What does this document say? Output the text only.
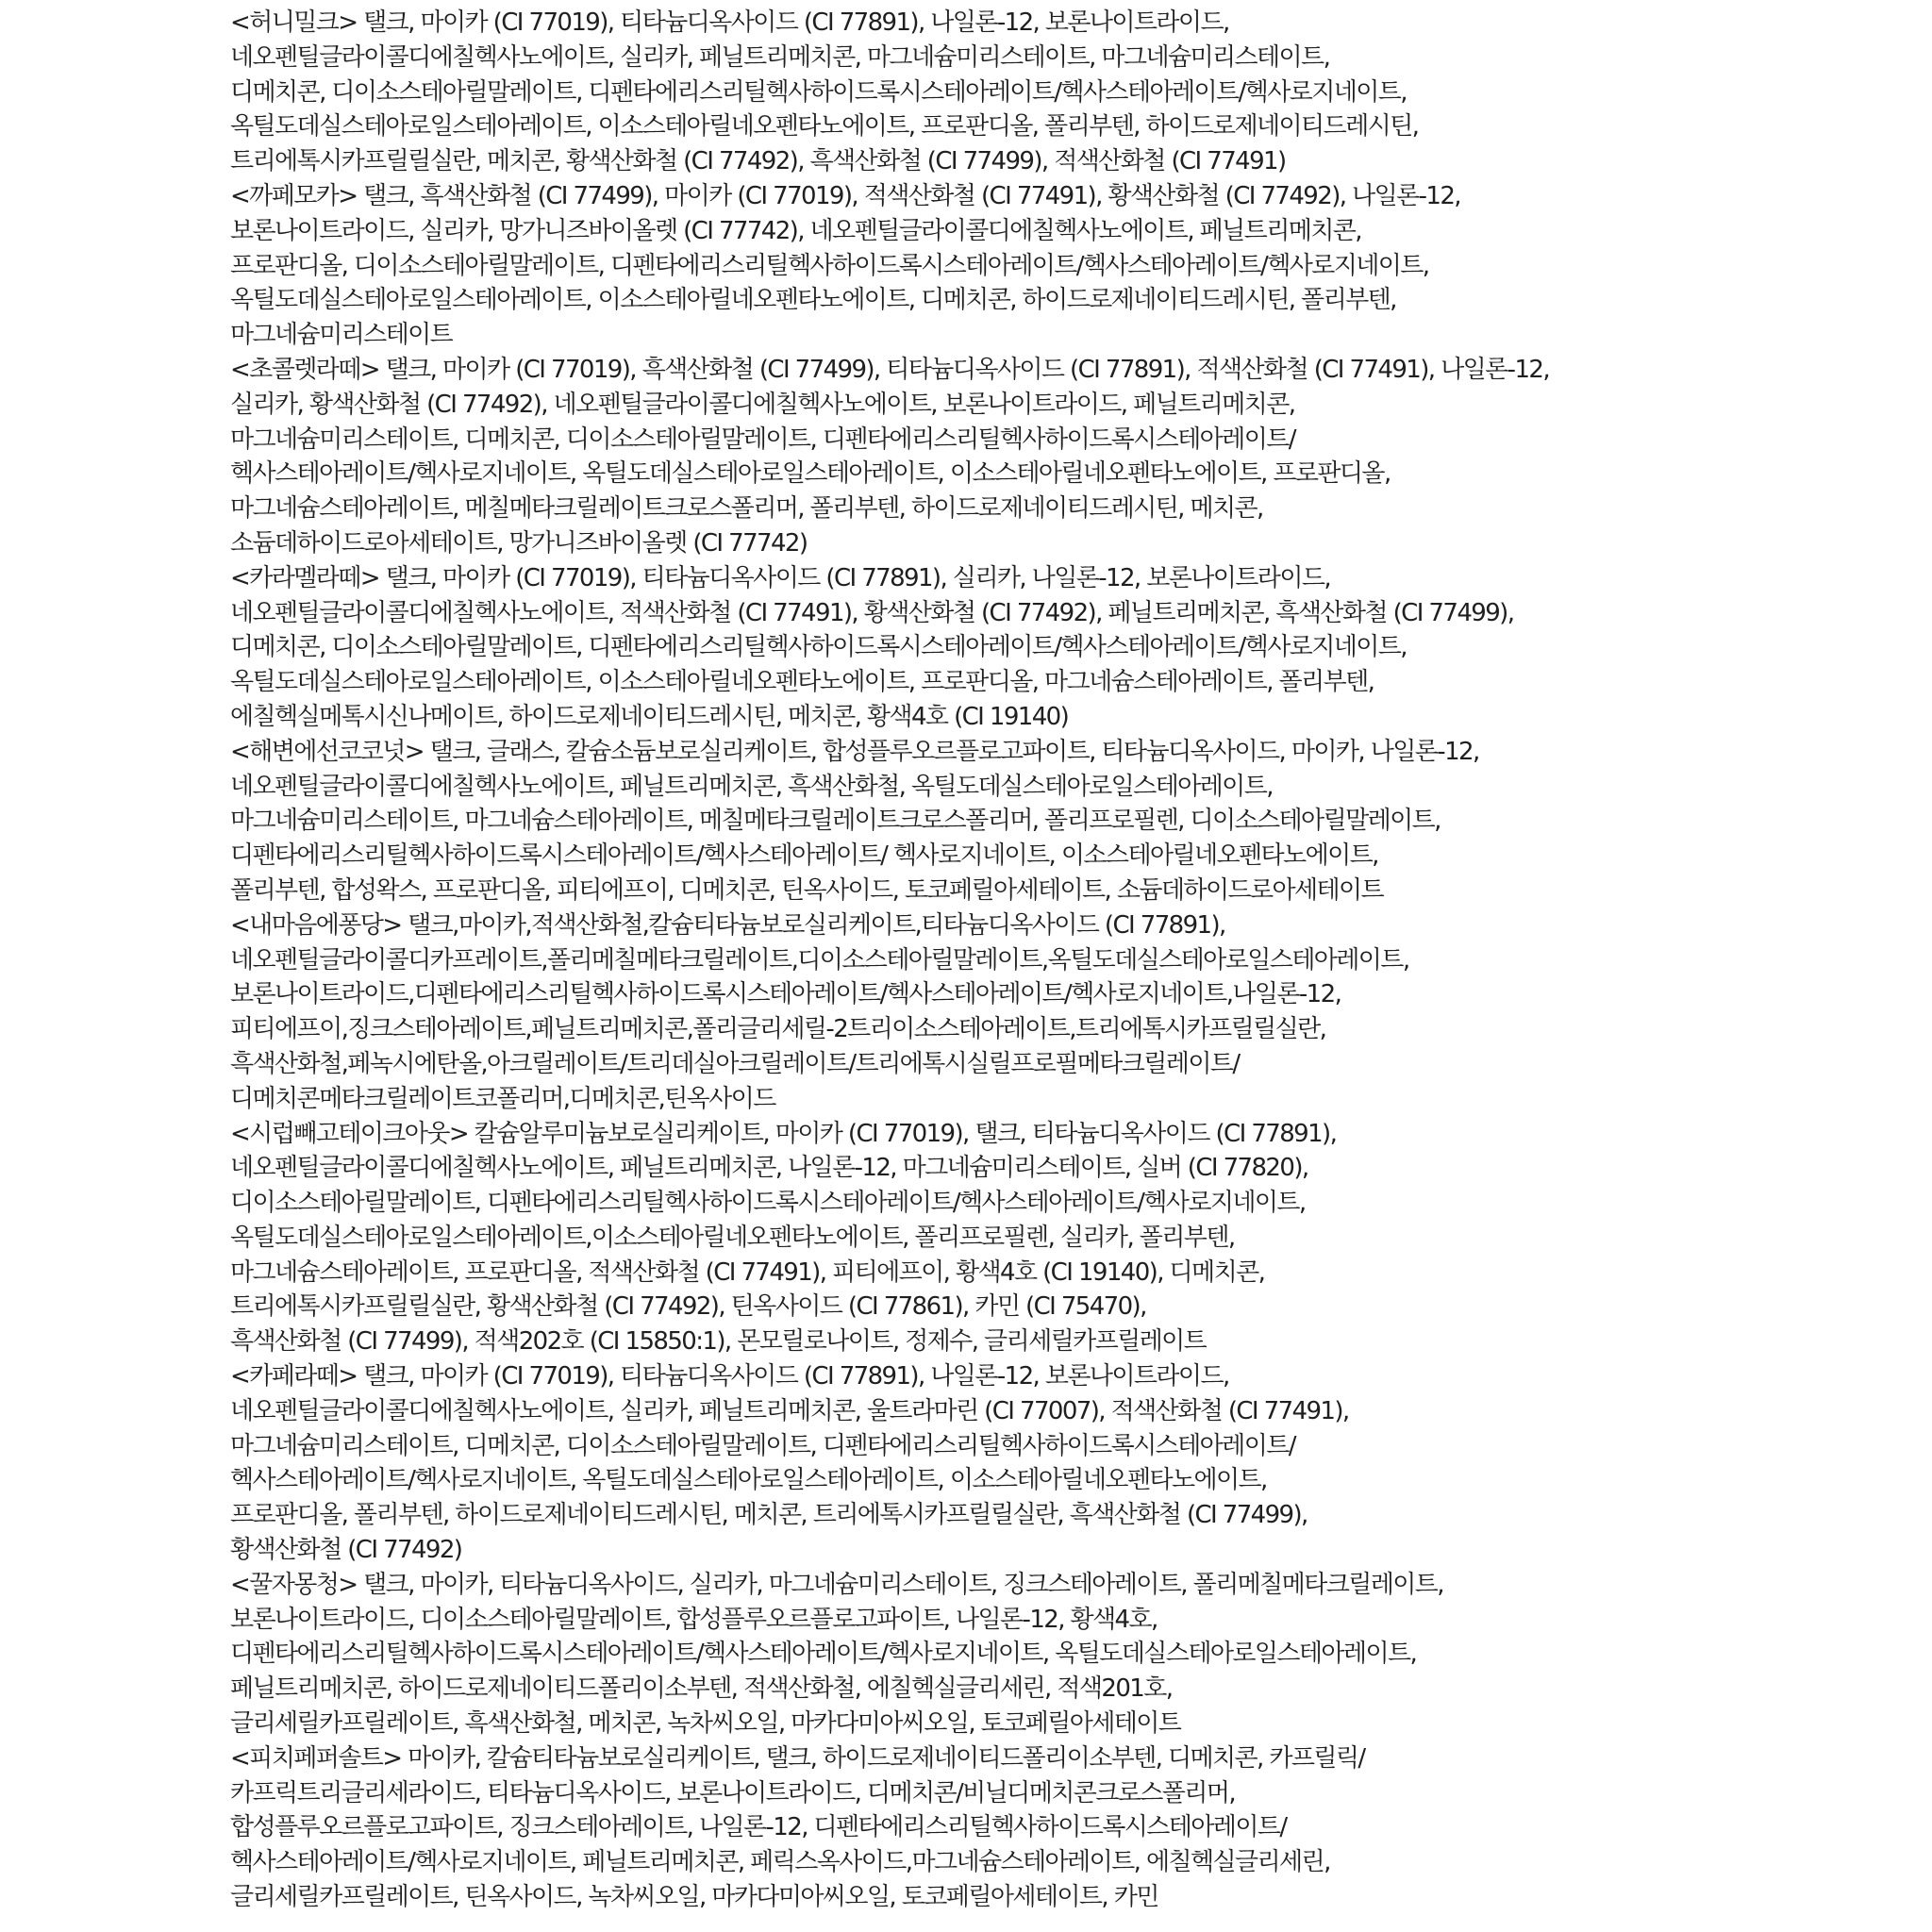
<허니밀크> 탤크, 마이카 (CI 77019), 티타늄디옥사이드 (CI 77891), 나일론-12, 보론나이트라이드,
네오펜틸글라이콜디에칠헥사노에이트, 실리카, 페닐트리메치콘, 마그네슘미리스테이트, 마그네슘미리스테이트,
디메치콘, 디이소스테아릴말레이트, 디펜타에리스리틸헥사하이드록시스테아레이트/헥사스테아레이트/헥사로지네이트,
옥틸도데실스테아로일스테아레이트, 이소스테아릴네오펜타노에이트, 프로판디올, 폴리부텐, 하이드로제네이티드레시틴,
트리에톡시카프릴릴실란, 메치콘, 황색산화철 (CI 77492), 흑색산화철 (CI 77499), 적색산화철 (CI 77491)
<까페모카> 탤크, 흑색산화철 (CI 77499), 마이카 (CI 77019), 적색산화철 (CI 77491), 황색산화철 (CI 77492), 나일론-12,
보론나이트라이드, 실리카, 망가니즈바이올렛 (CI 77742), 네오펜틸글라이콜디에칠헥사노에이트, 페닐트리메치콘,
프로판디올, 디이소스테아릴말레이트, 디펜타에리스리틸헥사하이드록시스테아레이트/헥사스테아레이트/헥사로지네이트,
옥틸도데실스테아로일스테아레이트, 이소스테아릴네오펜타노에이트, 디메치콘, 하이드로제네이티드레시틴, 폴리부텐,
마그네슘미리스테이트
<초콜렛라떼> 탤크, 마이카 (CI 77019), 흑색산화철 (CI 77499), 티타늄디옥사이드 (CI 77891), 적색산화철 (CI 77491), 나일론-12,
실리카, 황색산화철 (CI 77492), 네오펜틸글라이콜디에칠헥사노에이트, 보론나이트라이드, 페닐트리메치콘,
마그네슘미리스테이트, 디메치콘, 디이소스테아릴말레이트, 디펜타에리스리틸헥사하이드록시스테아레이트/
헥사스테아레이트/헥사로지네이트, 옥틸도데실스테아로일스테아레이트, 이소스테아릴네오펜타노에이트, 프로판디올,
마그네슘스테아레이트, 메칠메타크릴레이트크로스폴리머, 폴리부텐, 하이드로제네이티드레시틴, 메치콘,
소듐데하이드로아세테이트, 망가니즈바이올렛 (CI 77742)
<카라멜라떼> 탤크, 마이카 (CI 77019), 티타늄디옥사이드 (CI 77891), 실리카, 나일론-12, 보론나이트라이드,
네오펜틸글라이콜디에칠헥사노에이트, 적색산화철 (CI 77491), 황색산화철 (CI 77492), 페닐트리메치콘, 흑색산화철 (CI 77499),
디메치콘, 디이소스테아릴말레이트, 디펜타에리스리틸헥사하이드록시스테아레이트/헥사스테아레이트/헥사로지네이트,
옥틸도데실스테아로일스테아레이트, 이소스테아릴네오펜타노에이트, 프로판디올, 마그네슘스테아레이트, 폴리부텐,
에칠헥실메톡시신나메이트, 하이드로제네이티드레시틴, 메치콘, 황색4호 (CI 19140)
<해변에선코코넛> 탤크, 글래스, 칼슘소듐보로실리케이트, 합성플루오르플로고파이트, 티타늄디옥사이드, 마이카, 나일론-12,
네오펜틸글라이콜디에칠헥사노에이트, 페닐트리메치콘, 흑색산화철, 옥틸도데실스테아로일스테아레이트,
마그네슘미리스테이트, 마그네슘스테아레이트, 메칠메타크릴레이트크로스폴리머, 폴리프로필렌, 디이소스테아릴말레이트,
디펜타에리스리틸헥사하이드록시스테아레이트/헥사스테아레이트/ 헥사로지네이트, 이소스테아릴네오펜타노에이트,
폴리부텐, 합성왁스, 프로판디올, 피티에프이, 디메치콘, 틴옥사이드, 토코페릴아세테이트, 소듐데하이드로아세테이트
<내마음에퐁당> 탤크,마이카,적색산화철,칼슘티타늄보로실리케이트,티타늄디옥사이드 (CI 77891),
네오펜틸글라이콜디카프레이트,폴리메칠메타크릴레이트,디이소스테아릴말레이트,옥틸도데실스테아로일스테아레이트,
보론나이트라이드,디펜타에리스리틸헥사하이드록시스테아레이트/헥사스테아레이트/헥사로지네이트,나일론-12,
피티에프이,징크스테아레이트,페닐트리메치콘,폴리글리세릴-2트리이소스테아레이트,트리에톡시카프릴릴실란,
흑색산화철,페녹시에탄올,아크릴레이트/트리데실아크릴레이트/트리에톡시실릴프로필메타크릴레이트/
디메치콘메타크릴레이트코폴리머,디메치콘,틴옥사이드
<시럽빼고테이크아웃> 칼슘알루미늄보로실리케이트, 마이카 (CI 77019), 탤크, 티타늄디옥사이드 (CI 77891),
네오펜틸글라이콜디에칠헥사노에이트, 페닐트리메치콘, 나일론-12, 마그네슘미리스테이트, 실버 (CI 77820),
디이소스테아릴말레이트, 디펜타에리스리틸헥사하이드록시스테아레이트/헥사스테아레이트/헥사로지네이트,
옥틸도데실스테아로일스테아레이트,이소스테아릴네오펜타노에이트, 폴리프로필렌, 실리카, 폴리부텐,
마그네슘스테아레이트, 프로판디올, 적색산화철 (CI 77491), 피티에프이, 황색4호 (CI 19140), 디메치콘,
트리에톡시카프릴릴실란, 황색산화철 (CI 77492), 틴옥사이드 (CI 77861), 카민 (CI 75470),
흑색산화철 (CI 77499), 적색202호 (CI 15850:1), 몬모릴로나이트, 정제수, 글리세릴카프릴레이트
<카페라떼> 탤크, 마이카 (CI 77019), 티타늄디옥사이드 (CI 77891), 나일론-12, 보론나이트라이드,
네오펜틸글라이콜디에칠헥사노에이트, 실리카, 페닐트리메치콘, 울트라마린 (CI 77007), 적색산화철 (CI 77491),
마그네슘미리스테이트, 디메치콘, 디이소스테아릴말레이트, 디펜타에리스리틸헥사하이드록시스테아레이트/
헥사스테아레이트/헥사로지네이트, 옥틸도데실스테아로일스테아레이트, 이소스테아릴네오펜타노에이트,
프로판디올, 폴리부텐, 하이드로제네이티드레시틴, 메치콘, 트리에톡시카프릴릴실란, 흑색산화철 (CI 77499),
황색산화철 (CI 77492)
<꿀자몽청> 탤크, 마이카, 티타늄디옥사이드, 실리카, 마그네슘미리스테이트, 징크스테아레이트, 폴리메칠메타크릴레이트,
보론나이트라이드, 디이소스테아릴말레이트, 합성플루오르플로고파이트, 나일론-12, 황색4호,
디펜타에리스리틸헥사하이드록시스테아레이트/헥사스테아레이트/헥사로지네이트, 옥틸도데실스테아로일스테아레이트,
페닐트리메치콘, 하이드로제네이티드폴리이소부텐, 적색산화철, 에칠헥실글리세린, 적색201호,
글리세릴카프릴레이트, 흑색산화철, 메치콘, 녹차씨오일, 마카다미아씨오일, 토코페릴아세테이트
<피치페퍼솔트> 마이카, 칼슘티타늄보로실리케이트, 탤크, 하이드로제네이티드폴리이소부텐, 디메치콘, 카프릴릭/
카프릭트리글리세라이드, 티타늄디옥사이드, 보론나이트라이드, 디메치콘/비닐디메치콘크로스폴리머,
합성플루오르플로고파이트, 징크스테아레이트, 나일론-12, 디펜타에리스리틸헥사하이드록시스테아레이트/
헥사스테아레이트/헥사로지네이트, 페닐트리메치콘, 페릭스옥사이드,마그네슘스테아레이트, 에칠헥실글리세린,
글리세릴카프릴레이트, 틴옥사이드, 녹차씨오일, 마카다미아씨오일, 토코페릴아세테이트, 카민
